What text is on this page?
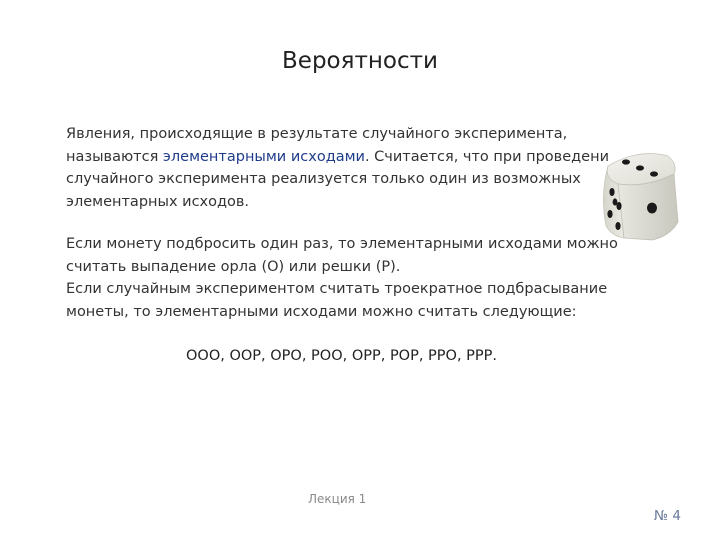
Вероятности
Явления, происходящие в результате случайного эксперимента,
называются элементарными исходами. Считается, что при проведени
случайного эксперимента реализуется только один из возможных
элементарных исходов.
Если монету подбросить один раз, то элементарными исходами можно
считать выпадение орла (О) или решки (Р).
Если случайным экспериментом считать троекратное подбрасывание
монеты, то элементарными исходами можно считать следующие:
ООО, ООР, ОРО, РОО, ОРР, РОР, РРО, РРР.
Лекция 1
№ 4
